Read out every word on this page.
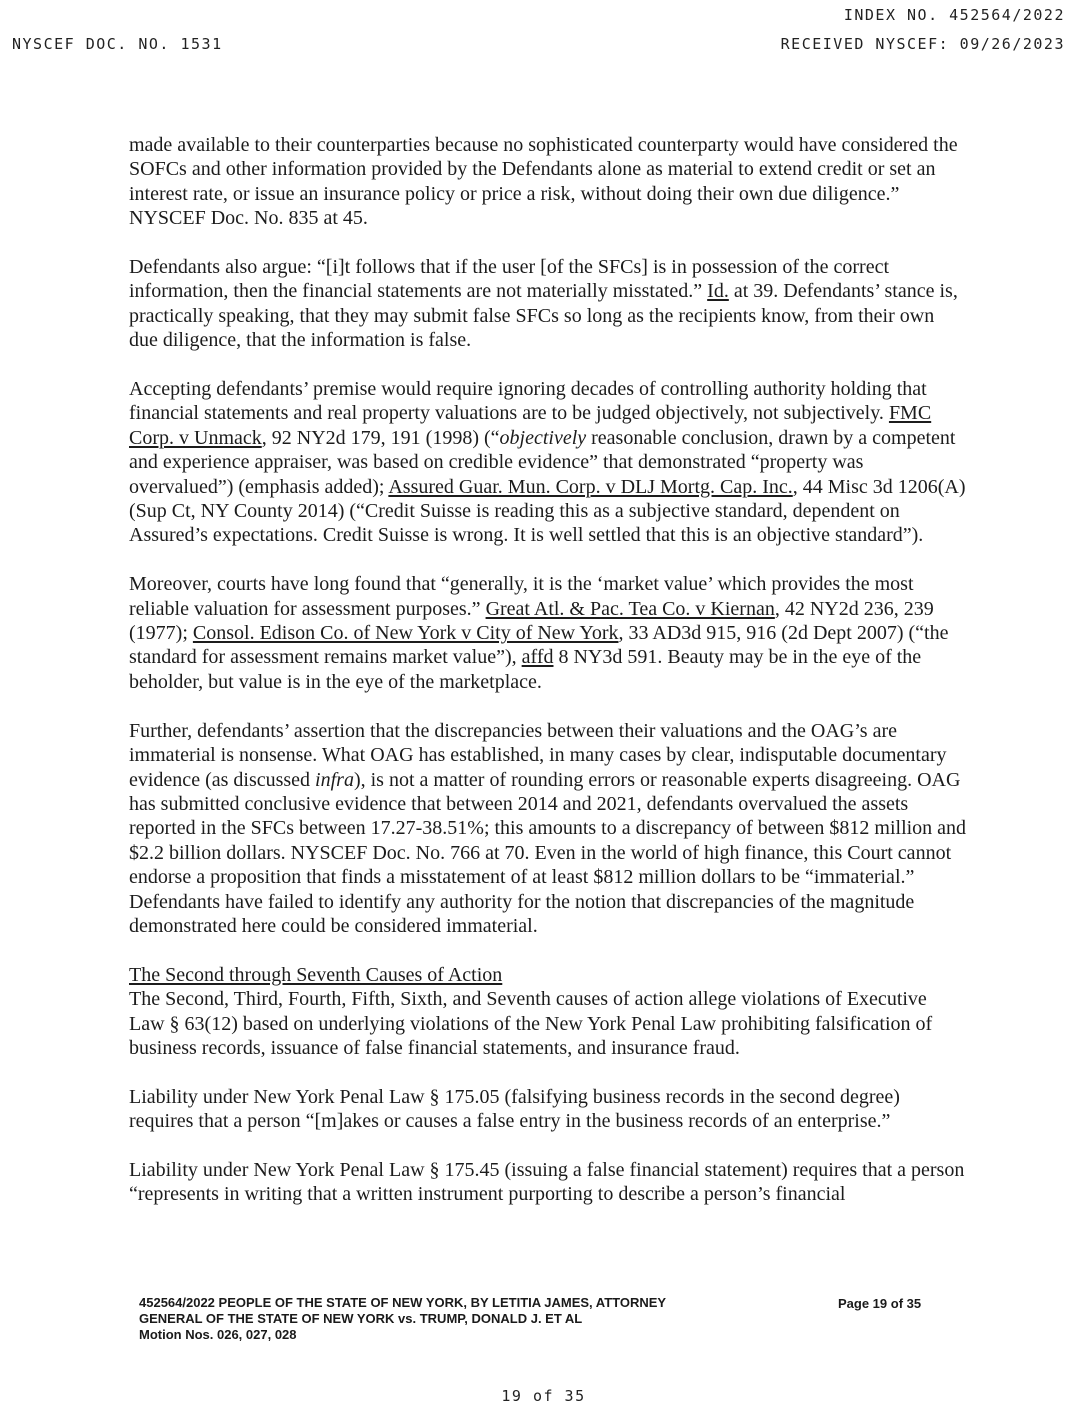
INDEX NO. 452564/2022
NYSCEF DOC. NO. 1531	RECEIVED NYSCEF: 09/26/2023

made available to their counterparties because no sophisticated counterparty would have considered the SOFCs and other information provided by the Defendants alone as material to extend credit or set an interest rate, or issue an insurance policy or price a risk, without doing their own due diligence.” NYSCEF Doc. No. 835 at 45.

Defendants also argue: “[i]t follows that if the user [of the SFCs] is in possession of the correct information, then the financial statements are not materially misstated.” Id. at 39. Defendants’ stance is, practically speaking, that they may submit false SFCs so long as the recipients know, from their own due diligence, that the information is false.

Accepting defendants’ premise would require ignoring decades of controlling authority holding that financial statements and real property valuations are to be judged objectively, not subjectively. FMC Corp. v Unmack, 92 NY2d 179, 191 (1998) (“objectively reasonable conclusion, drawn by a competent and experience appraiser, was based on credible evidence” that demonstrated “property was overvalued”) (emphasis added); Assured Guar. Mun. Corp. v DLJ Mortg. Cap. Inc., 44 Misc 3d 1206(A) (Sup Ct, NY County 2014) (“Credit Suisse is reading this as a subjective standard, dependent on Assured’s expectations. Credit Suisse is wrong. It is well settled that this is an objective standard”).

Moreover, courts have long found that “generally, it is the ‘market value’ which provides the most reliable valuation for assessment purposes.” Great Atl. & Pac. Tea Co. v Kiernan, 42 NY2d 236, 239 (1977); Consol. Edison Co. of New York v City of New York, 33 AD3d 915, 916 (2d Dept 2007) (“the standard for assessment remains market value”), affd 8 NY3d 591. Beauty may be in the eye of the beholder, but value is in the eye of the marketplace.

Further, defendants’ assertion that the discrepancies between their valuations and the OAG’s are immaterial is nonsense. What OAG has established, in many cases by clear, indisputable documentary evidence (as discussed infra), is not a matter of rounding errors or reasonable experts disagreeing. OAG has submitted conclusive evidence that between 2014 and 2021, defendants overvalued the assets reported in the SFCs between 17.27-38.51%; this amounts to a discrepancy of between $812 million and $2.2 billion dollars. NYSCEF Doc. No. 766 at 70. Even in the world of high finance, this Court cannot endorse a proposition that finds a misstatement of at least $812 million dollars to be “immaterial.” Defendants have failed to identify any authority for the notion that discrepancies of the magnitude demonstrated here could be considered immaterial.

The Second through Seventh Causes of Action

The Second, Third, Fourth, Fifth, Sixth, and Seventh causes of action allege violations of Executive Law § 63(12) based on underlying violations of the New York Penal Law prohibiting falsification of business records, issuance of false financial statements, and insurance fraud.

Liability under New York Penal Law § 175.05 (falsifying business records in the second degree) requires that a person “[m]akes or causes a false entry in the business records of an enterprise.”

Liability under New York Penal Law § 175.45 (issuing a false financial statement) requires that a person “represents in writing that a written instrument purporting to describe a person’s financial

452564/2022 PEOPLE OF THE STATE OF NEW YORK, BY LETITIA JAMES, ATTORNEY
GENERAL OF THE STATE OF NEW YORK vs. TRUMP, DONALD J. ET AL
Motion Nos. 026, 027, 028
Page 19 of 35
19 of 35
